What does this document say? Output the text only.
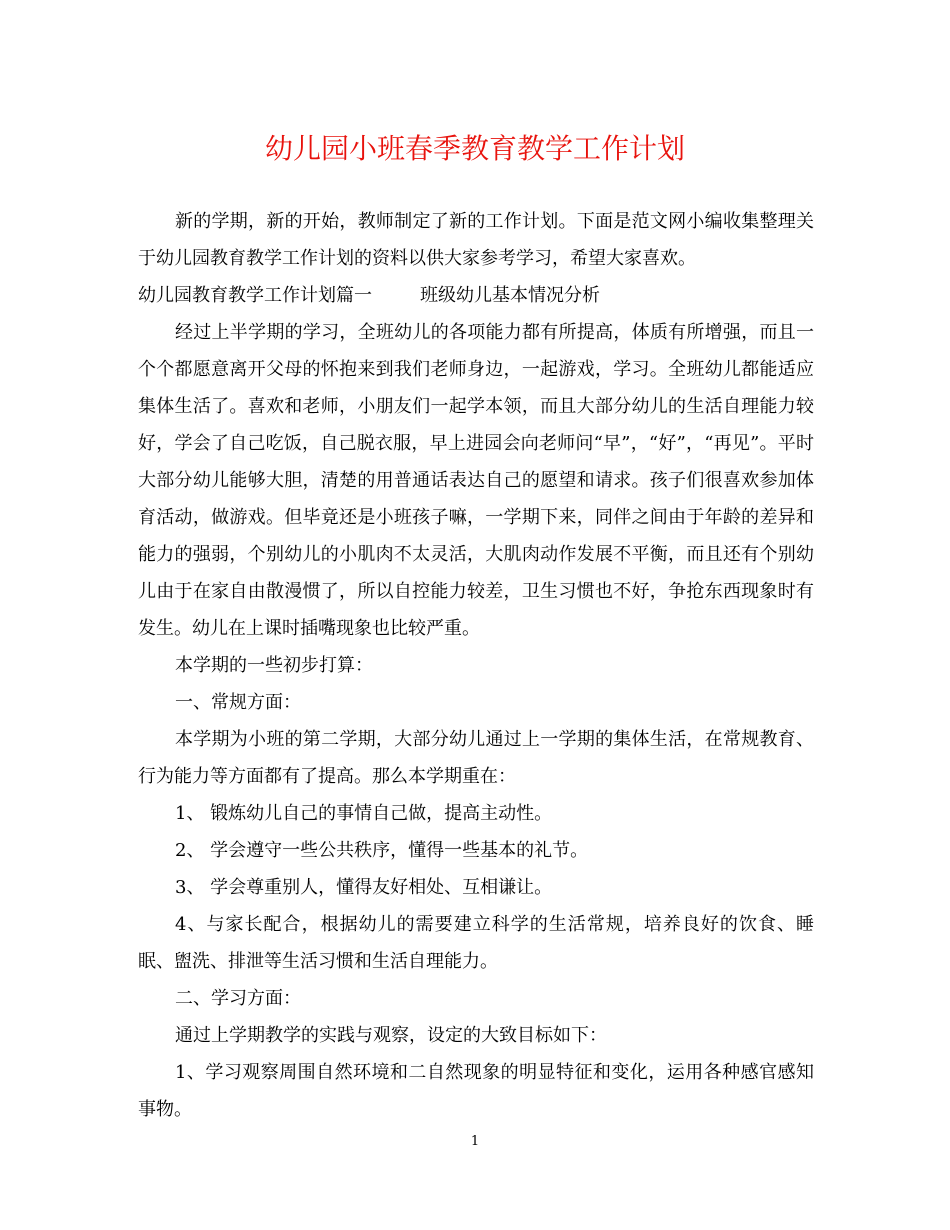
幼儿园小班春季教育教学工作计划

新的学期，新的开始，教师制定了新的工作计划。下面是范文网小编收集整理关于幼儿园教育教学工作计划的资料以供大家参考学习，希望大家喜欢。

幼儿园教育教学工作计划篇一	班级幼儿基本情况分析

经过上半学期的学习，全班幼儿的各项能力都有所提高，体质有所增强，而且一个个都愿意离开父母的怀抱来到我们老师身边，一起游戏，学习。全班幼儿都能适应集体生活了。喜欢和老师，小朋友们一起学本领，而且大部分幼儿的生活自理能力较好，学会了自己吃饭，自己脱衣服，早上进园会向老师问“早”，“好”，“再见”。平时大部分幼儿能够大胆，清楚的用普通话表达自己的愿望和请求。孩子们很喜欢参加体育活动，做游戏。但毕竟还是小班孩子嘛，一学期下来，同伴之间由于年龄的差异和能力的强弱，个别幼儿的小肌肉不太灵活，大肌肉动作发展不平衡，而且还有个别幼儿由于在家自由散漫惯了，所以自控能力较差，卫生习惯也不好，争抢东西现象时有发生。幼儿在上课时插嘴现象也比较严重。

本学期的一些初步打算：

一、常规方面：

本学期为小班的第二学期，大部分幼儿通过上一学期的集体生活，在常规教育、行为能力等方面都有了提高。那么本学期重在：

1、 锻炼幼儿自己的事情自己做，提高主动性。

2、 学会遵守一些公共秩序，懂得一些基本的礼节。

3、 学会尊重别人，懂得友好相处、互相谦让。

4、与家长配合，根据幼儿的需要建立科学的生活常规，培养良好的饮食、睡眠、盥洗、排泄等生活习惯和生活自理能力。

二、学习方面：

通过上学期教学的实践与观察，设定的大致目标如下：

1、学习观察周围自然环境和二自然现象的明显特征和变化，运用各种感官感知事物。

1
